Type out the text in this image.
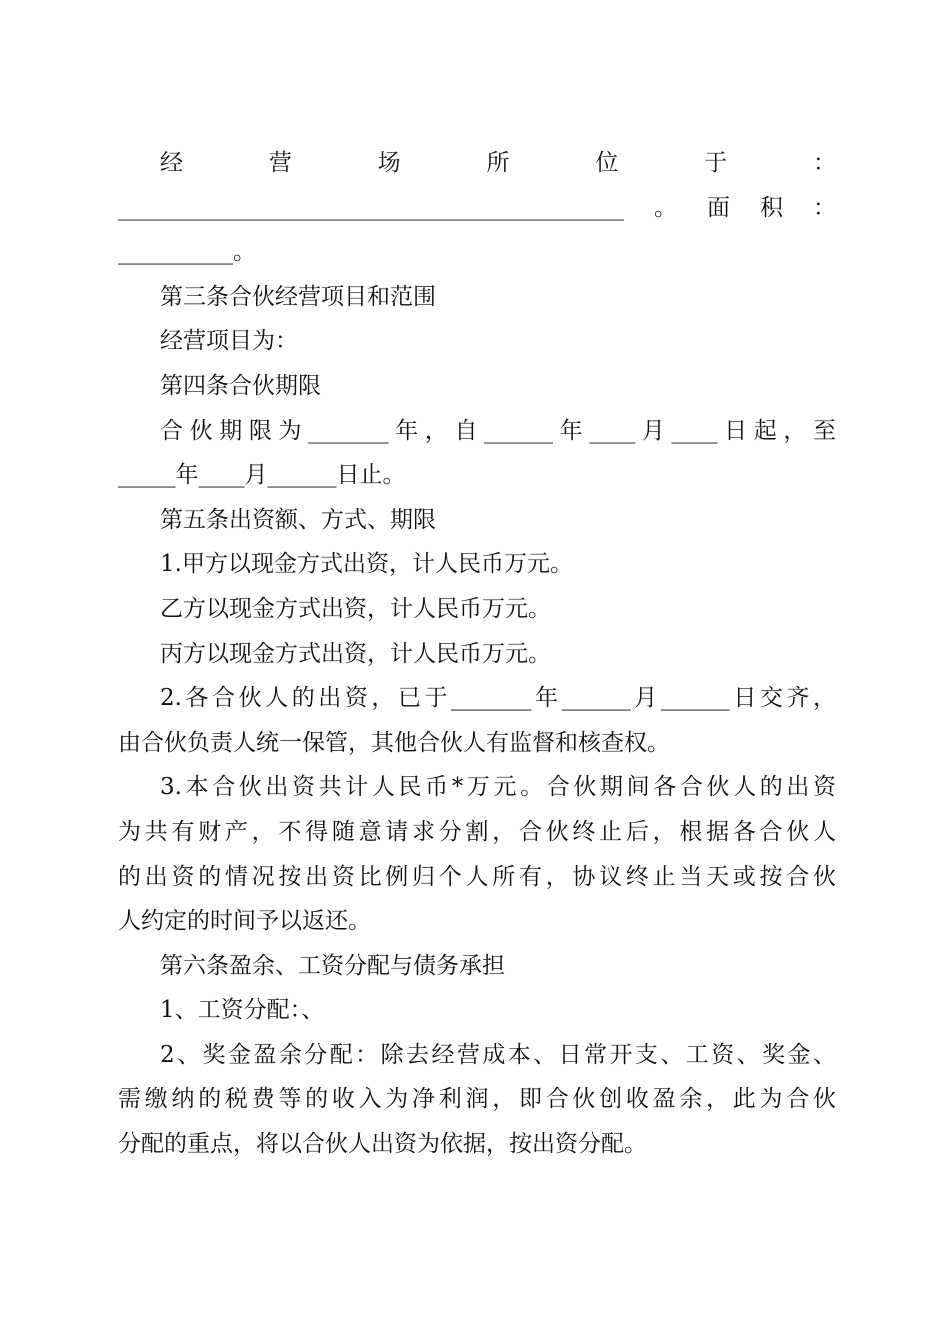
经　营　场　所　位　于　：
____________________________________________。面积：
__________。
第三条合伙经营项目和范围
经营项目为：
第四条合伙期限
合伙期限为_______年，自______年____月____日起，至
_____年____月______日止。
第五条出资额、方式、期限
1.甲方以现金方式出资，计人民币万元。
乙方以现金方式出资，计人民币万元。
丙方以现金方式出资，计人民币万元。
2.各合伙人的出资，已于_______年______月______日交齐，
由合伙负责人统一保管，其他合伙人有监督和核查权。
3.本合伙出资共计人民币*万元。合伙期间各合伙人的出资
为共有财产，不得随意请求分割，合伙终止后，根据各合伙人
的出资的情况按出资比例归个人所有，协议终止当天或按合伙
人约定的时间予以返还。
第六条盈余、工资分配与债务承担
1、工资分配：、
2、奖金盈余分配：除去经营成本、日常开支、工资、奖金、
需缴纳的税费等的收入为净利润，即合伙创收盈余，此为合伙
分配的重点，将以合伙人出资为依据，按出资分配。
